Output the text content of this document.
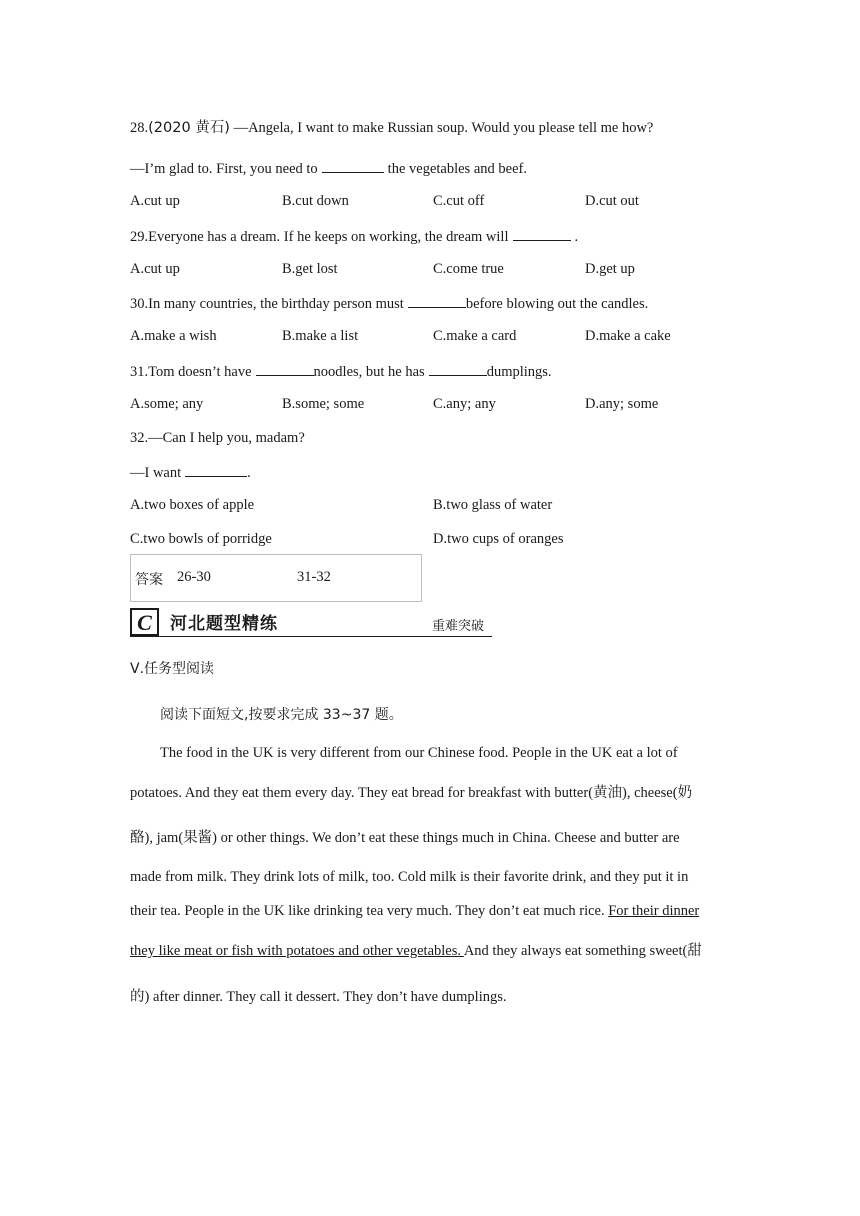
28.(2020 黄石) —Angela, I want to make Russian soup. Would you please tell me how?
—I’m glad to. First, you need to	the vegetables and beef.
A.cut up	B.cut down	C.cut off	D.cut out
29.Everyone has a dream. If he keeps on working, the dream will	.
A.cut up	B.get lost	C.come true	D.get up
30.In many countries, the birthday person must	before blowing out the candles.
A.make a wish	B.make a list	C.make a card	D.make a cake
31.Tom doesn’t have	noodles, but he has	dumplings.
A.some; any	B.some; some	C.any; any	D.any; some
32.—Can I help you, madam?
—I want	.
A.two boxes of apple	B.two glass of water
C.two bowls of porridge	D.two cups of oranges
答案 26-30	31-32
C 河北题型精练	重难突破
Ⅴ.任务型阅读
阅读下面短文,按要求完成 33~37 题。
The food in the UK is very different from our Chinese food. People in the UK eat a lot of
potatoes. And they eat them every day. They eat bread for breakfast with butter(黄油), cheese(奶
酪), jam(果酱) or other things. We don’t eat these things much in China. Cheese and butter are
made from milk. They drink lots of milk, too. Cold milk is their favorite drink, and they put it in
their tea. People in the UK like drinking tea very much. They don’t eat much rice. For their dinner
they like meat or fish with potatoes and other vegetables. And they always eat something sweet(甜
的) after dinner. They call it dessert. They don’t have dumplings.
